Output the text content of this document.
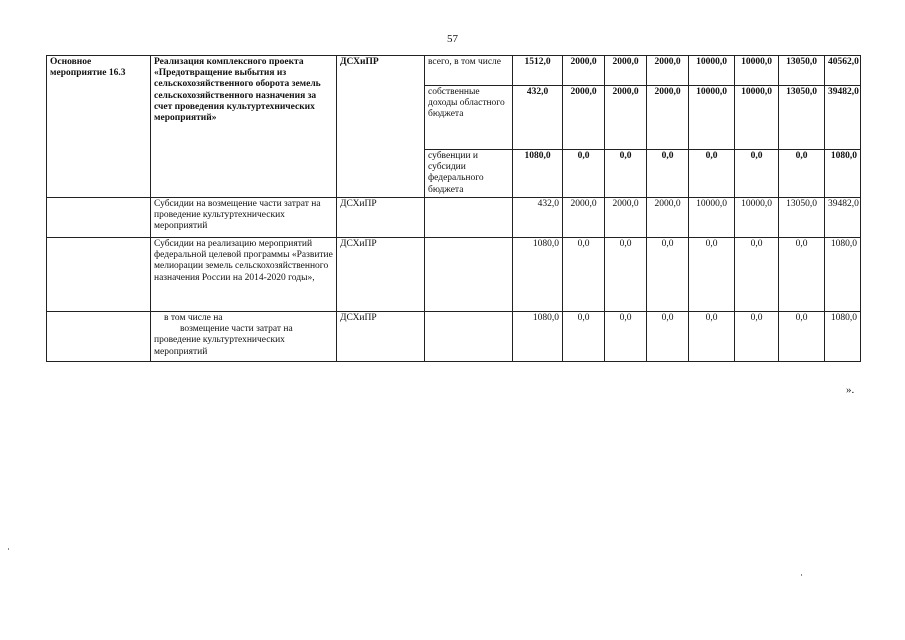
57
Основное мероприятие 16.3	Реализация комплексного проекта «Предотвращение выбытия из сельскохозяйственного оборота земель сельскохозяйственного назначения за счет проведения культуртехнических мероприятий»	ДСХиПР	всего, в том числе	1512,0	2000,0	2000,0	2000,0	10000,0	10000,0	13050,0	40562,0
			собственные доходы областного бюджета	432,0	2000,0	2000,0	2000,0	10000,0	10000,0	13050,0	39482,0
			субвенции и субсидии федерального бюджета	1080,0	0,0	0,0	0,0	0,0	0,0	0,0	1080,0
	Субсидии на возмещение части затрат на проведение культуртехнических мероприятий	ДСХиПР		432,0	2000,0	2000,0	2000,0	10000,0	10000,0	13050,0	39482,0
	Субсидии на реализацию мероприятий федеральной целевой программы «Развитие мелиорации земель сельскохозяйственного назначения России на 2014-2020 годы»,	ДСХиПР		1080,0	0,0	0,0	0,0	0,0	0,0	0,0	1080,0

	в том числе на
возмещение части затрат на
проведение культуртехнических мероприятий	ДСХиПР		1080,0	0,0	0,0	0,0	0,0	0,0	0,0	1080,0
».
